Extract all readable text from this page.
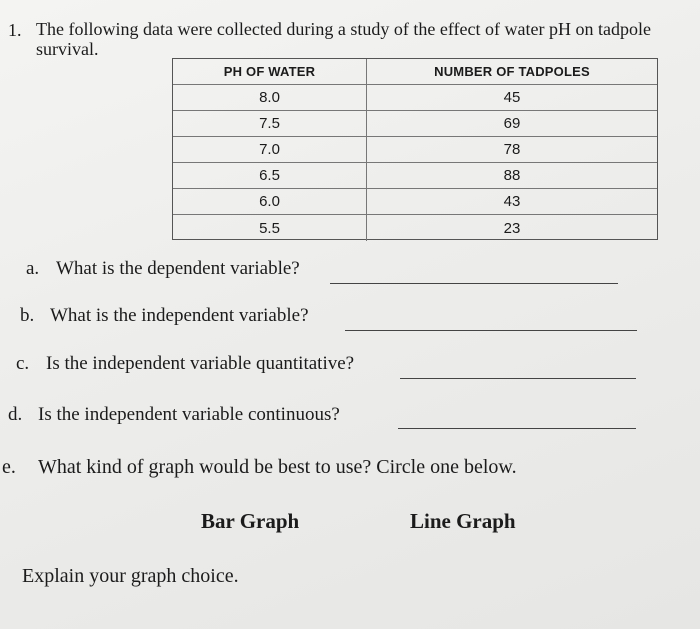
1. The following data were collected during a study of the effect of water pH on tadpole survival.
PH OF WATER	NUMBER OF TADPOLES
8.0	45
7.5	69
7.0	78
6.5	88
6.0	43
5.5	23
a. What is the dependent variable?
b. What is the independent variable?
c. Is the independent variable quantitative?
d. Is the independent variable continuous?
e. What kind of graph would be best to use? Circle one below.
Bar Graph	Line Graph
Explain your graph choice.
